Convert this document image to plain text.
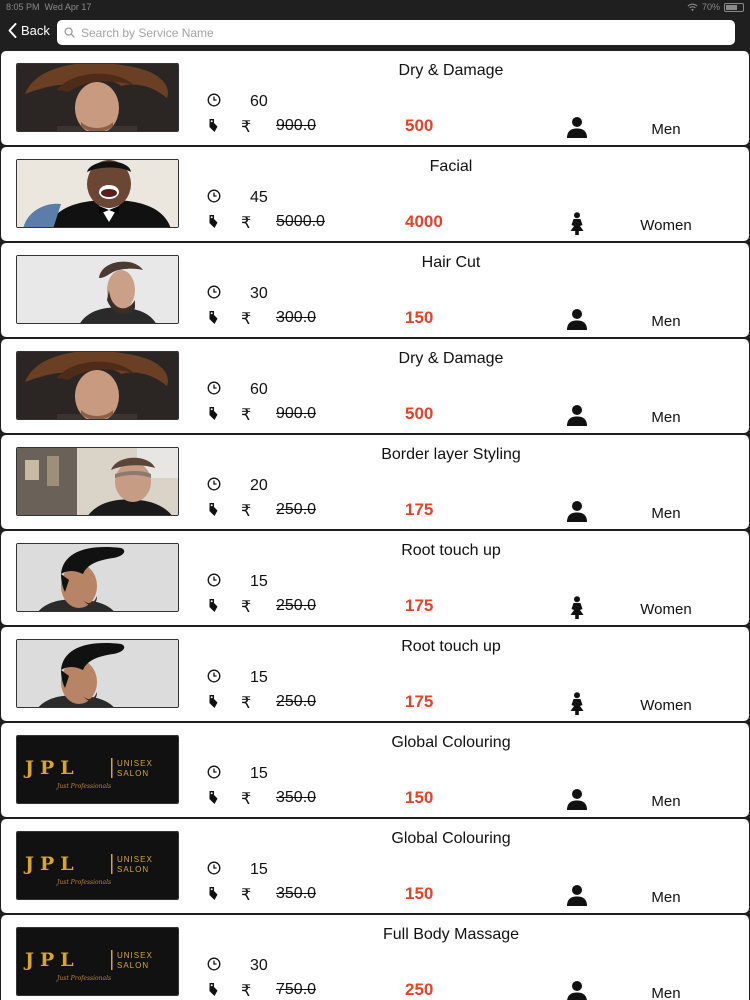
8:05 PM Wed Apr 17	70%
Back
Search by Service Name
Dry & Damage
60
₹ 900.0	500	Men
Facial
45
₹ 5000.0	4000	Women
Hair Cut
30
₹ 300.0	150	Men
Dry & Damage
60
₹ 900.0	500	Men
Border layer Styling
20
₹ 250.0	175	Men
Root touch up
15
₹ 250.0	175	Women
Root touch up
15
₹ 250.0	175	Women
JPL	UNISEX
SALON
Just Professionals
Global Colouring
15
₹ 350.0	150	Men
JPL	UNISEX
SALON
Just Professionals
Global Colouring
15
₹ 350.0	150	Men
JPL	UNISEX
SALON
Just Professionals
Full Body Massage
30
₹ 750.0	250	Men
